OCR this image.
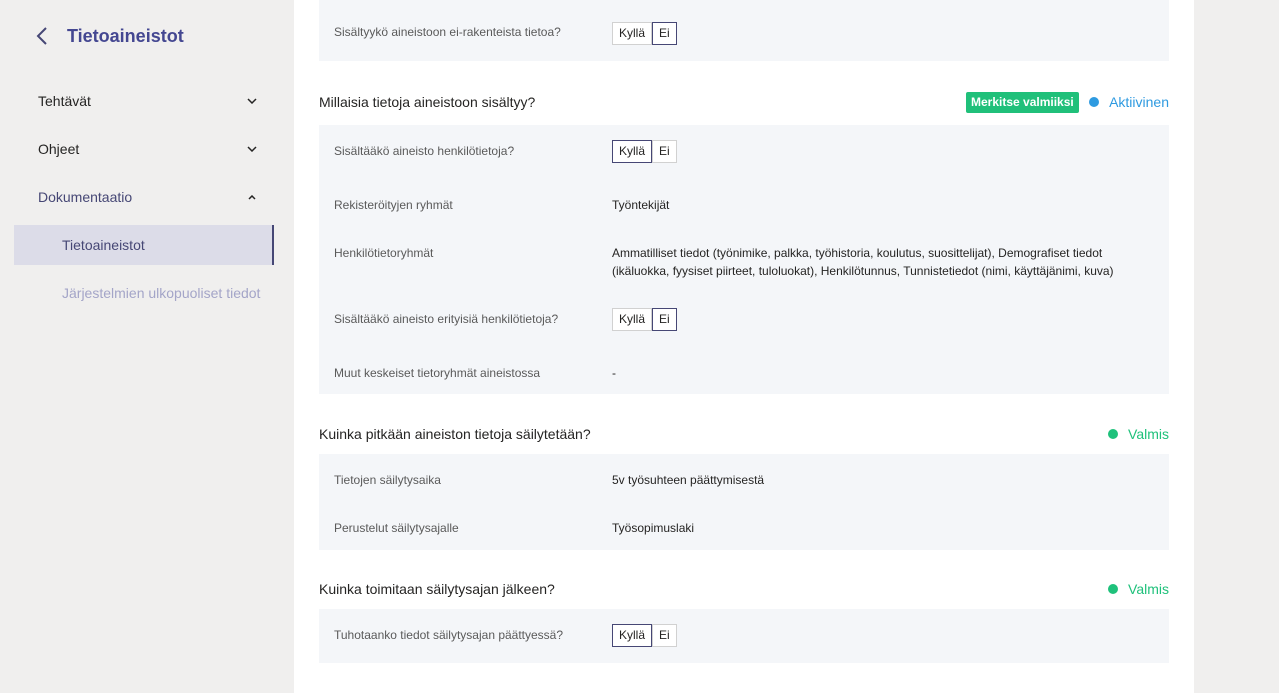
Tietoaineistot
Tehtävät
Ohjeet
Dokumentaatio
Tietoaineistot
Järjestelmien ulkopuoliset tiedot
Sisältyykö aineistoon ei-rakenteista tietoa?	Kyllä	Ei
Millaisia tietoja aineistoon sisältyy?	Merkitse valmiiksi	Aktiivinen
Sisältääkö aineisto henkilötietoja?	Kyllä	Ei
Rekisteröityjen ryhmät	Työntekijät
Henkilötietoryhmät	Ammatilliset tiedot (työnimike, palkka, työhistoria, koulutus, suosittelijat), Demografiset tiedot (ikäluokka, fyysiset piirteet, tuloluokat), Henkilötunnus, Tunnistetiedot (nimi, käyttäjänimi, kuva)
Sisältääkö aineisto erityisiä henkilötietoja?	Kyllä	Ei
Muut keskeiset tietoryhmät aineistossa	-
Kuinka pitkään aineiston tietoja säilytetään?	Valmis
Tietojen säilytysaika	5v työsuhteen päättymisestä
Perustelut säilytysajalle	Työsopimuslaki
Kuinka toimitaan säilytysajan jälkeen?	Valmis
Tuhotaanko tiedot säilytysajan päättyessä?	Kyllä	Ei
